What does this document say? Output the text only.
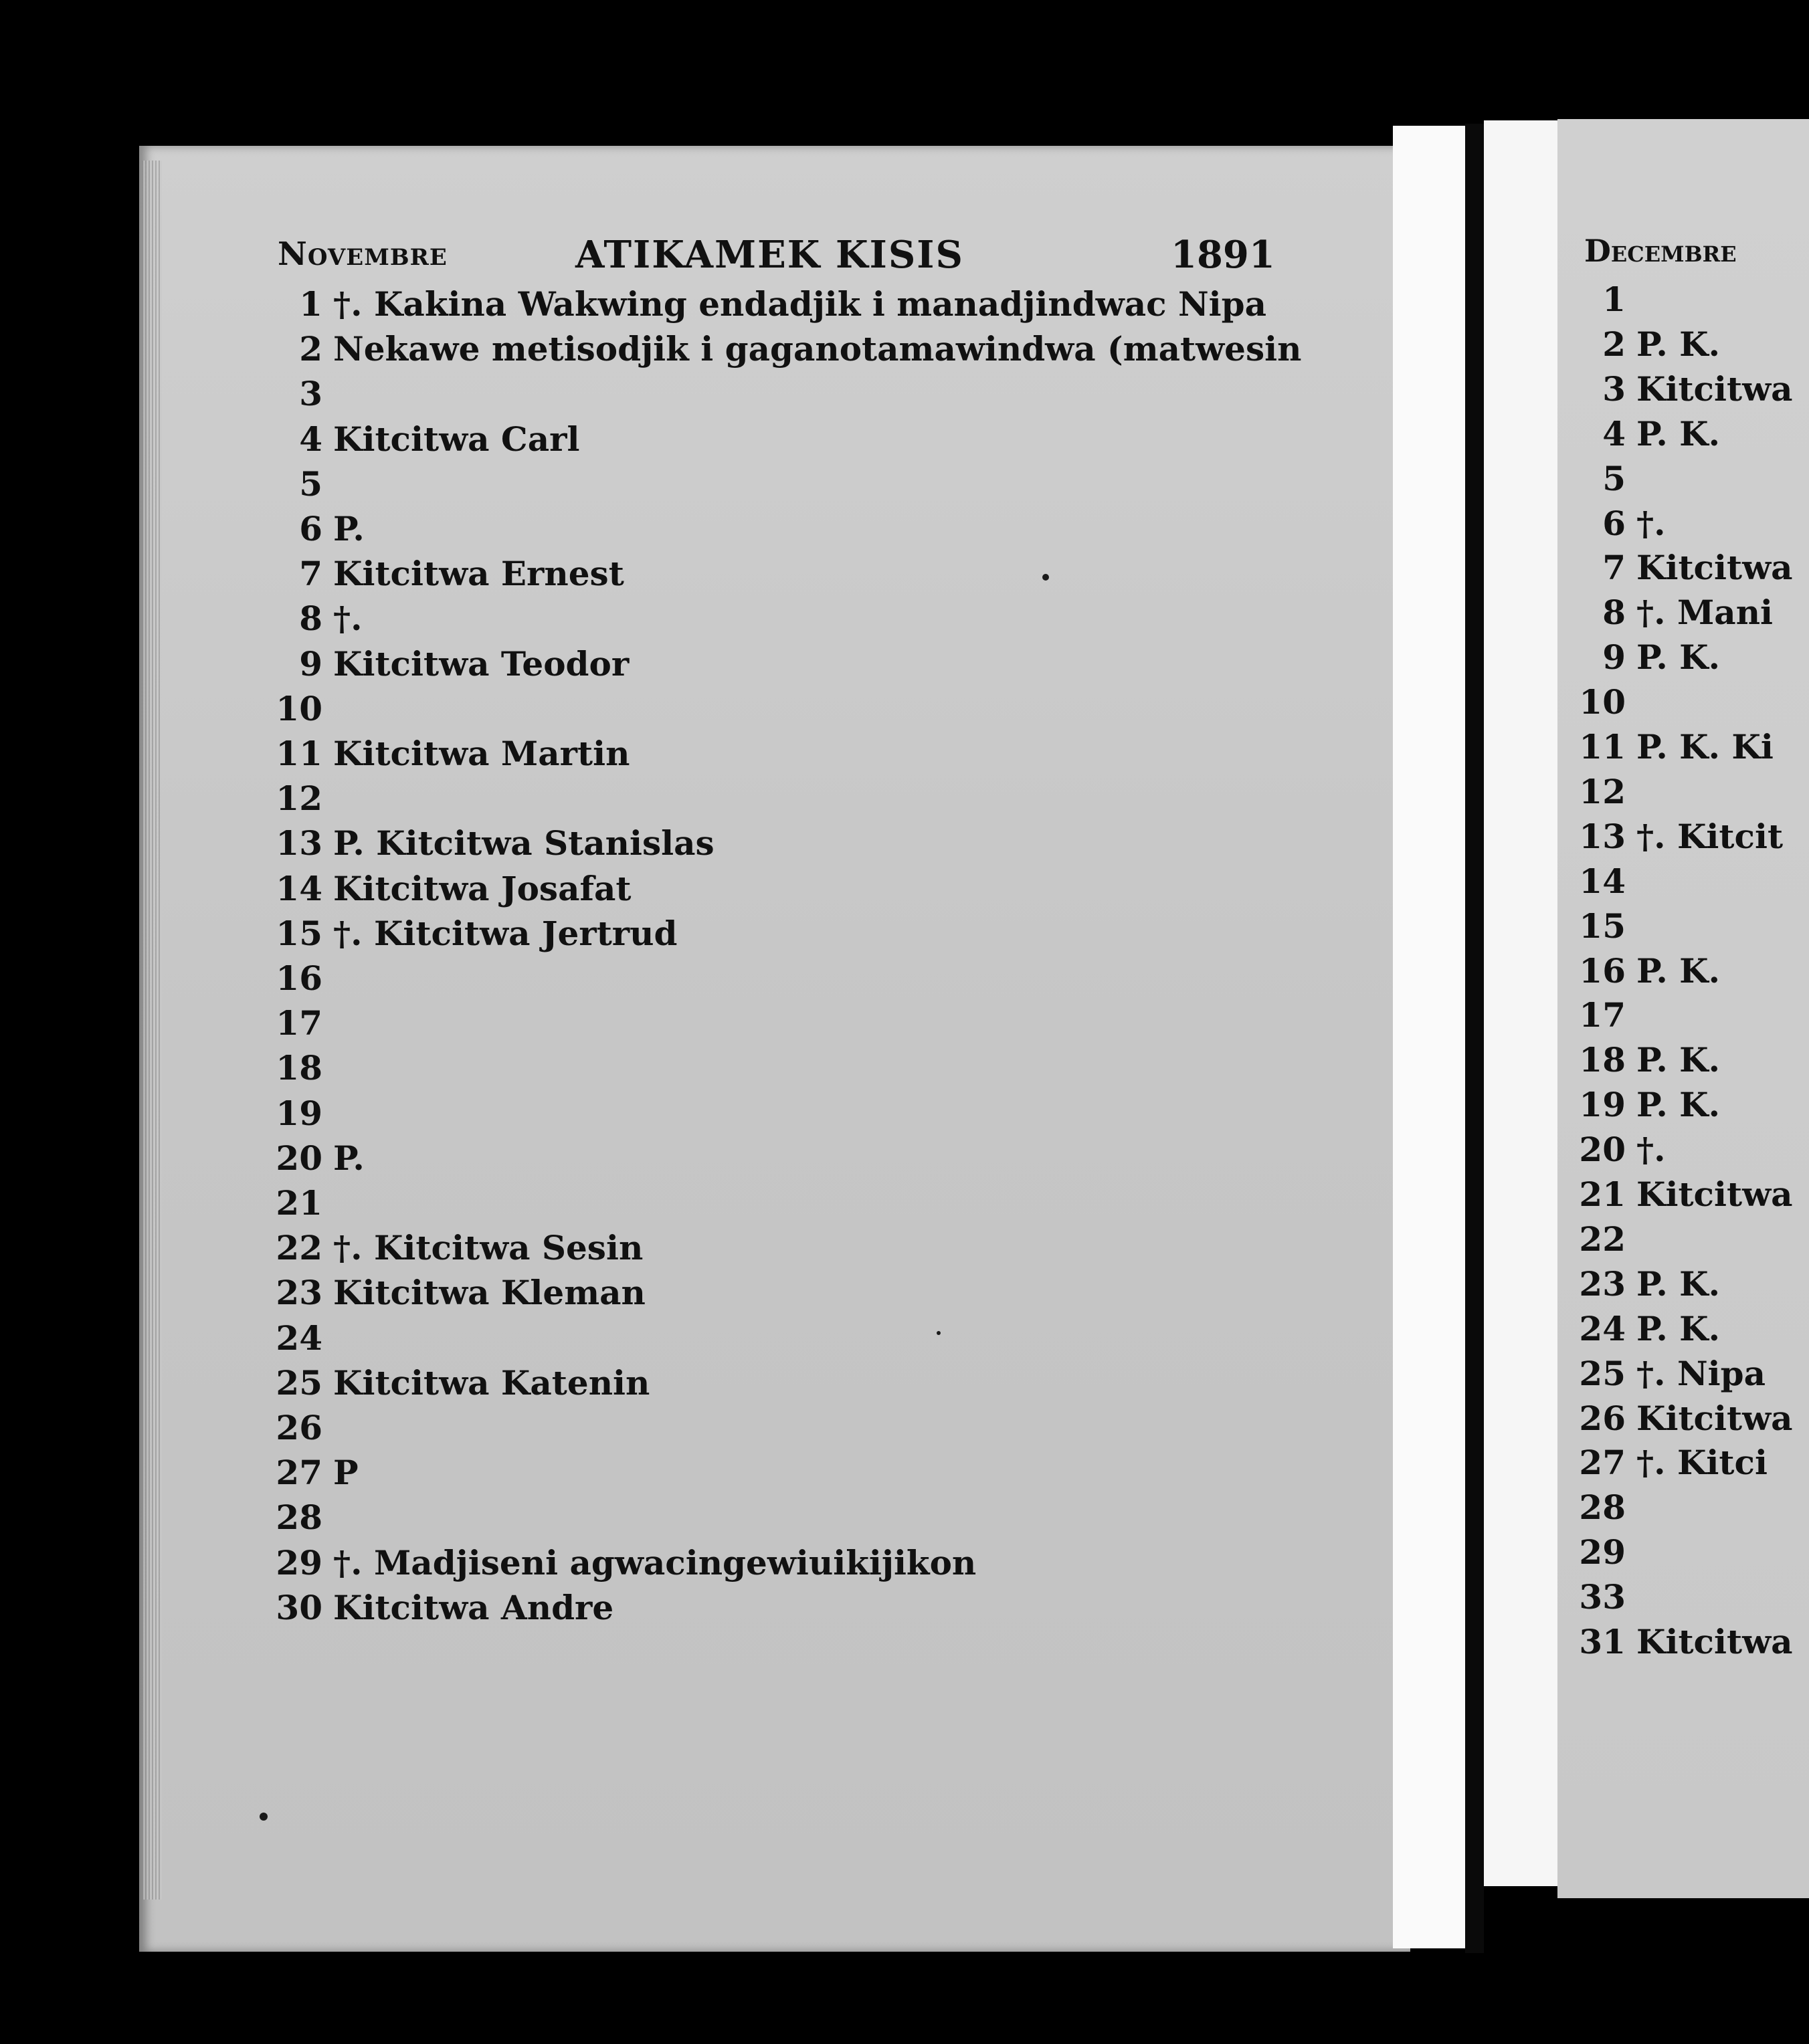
Novembre	ATIKAMEK KISIS	1891
1 †. Kakina Wakwing endadjik i manadjindwac Nipa
2 Nekawe metisodjik i gaganotamawindwa (matwesin
3
4 Kitcitwa Carl
5
6 P.
7 Kitcitwa Ernest
8 †.
9 Kitcitwa Teodor
10
11 Kitcitwa Martin
12
13 P. Kitcitwa Stanislas
14 Kitcitwa Josafat
15 †. Kitcitwa Jertrud
16
17
18
19
20 P.
21
22 †. Kitcitwa Sesin
23 Kitcitwa Kleman
24
25 Kitcitwa Katenin
26
27 P
28
29 †. Madjiseni agwacingewiuikijikon
30 Kitcitwa Andre
Decembre
1
2 P. K.
3 Kitcitwa
4 P. K.
5
6 †.
7 Kitcitwa
8 †. Mani
9 P. K.
10
11 P. K. Ki
12
13 †. Kitcit
14
15
16 P. K.
17
18 P. K.
19 P. K.
20 †.
21 Kitcitwa
22
23 P. K.
24 P. K.
25 †. Nipa
26 Kitcitwa
27 †. Kitci
28
29
33
31 Kitcitwa
